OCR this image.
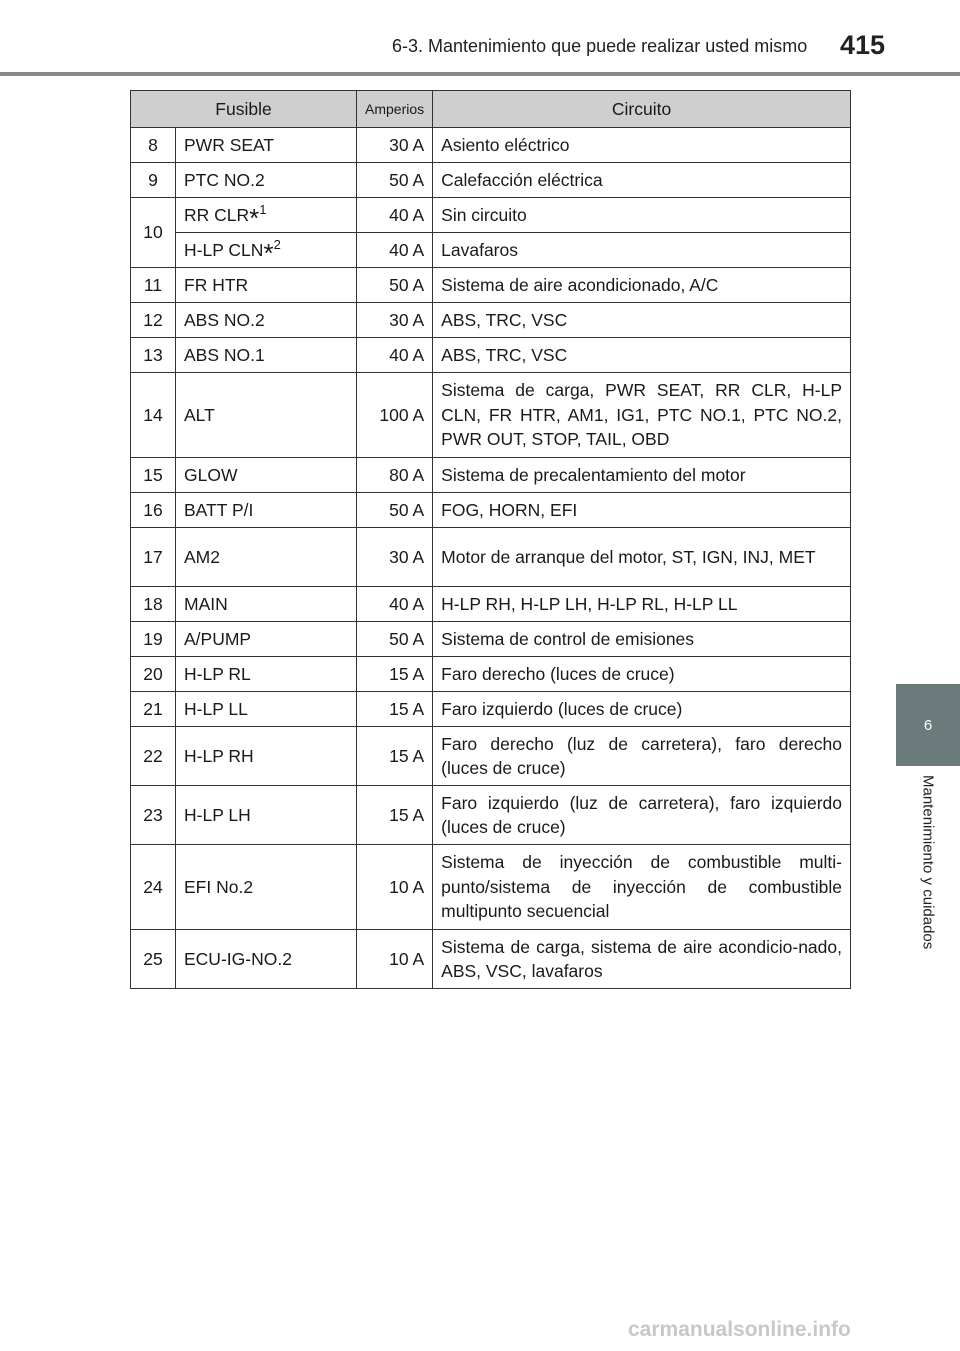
6-3. Mantenimiento que puede realizar usted mismo 415
6
Mantenimiento y cuidados
Fusible		Amperios	Circuito
8	PWR SEAT	30 A	Asiento eléctrico
9	PTC NO.2	50 A	Calefacción eléctrica
10	RR CLR*$^1$	40 A	Sin circuito
	H-LP CLN*$^2$	40 A	Lavafaros
11	FR HTR	50 A	Sistema de aire acondicionado, A/C
12	ABS NO.2	30 A	ABS, TRC, VSC
13	ABS NO.1	40 A	ABS, TRC, VSC
14	ALT	100 A	Sistema de carga, PWR SEAT, RR CLR, H-LP CLN, FR HTR, AM1, IG1, PTC NO.1, PTC NO.2, PWR OUT, STOP, TAIL, OBD
15	GLOW	80 A	Sistema de precalentamiento del motor
16	BATT P/I	50 A	FOG, HORN, EFI
17	AM2	30 A	Motor de arranque del motor, ST, IGN, INJ, MET
18	MAIN	40 A	H-LP RH, H-LP LH, H-LP RL, H-LP LL
19	A/PUMP	50 A	Sistema de control de emisiones
20	H-LP RL	15 A	Faro derecho (luces de cruce)
21	H-LP LL	15 A	Faro izquierdo (luces de cruce)
22	H-LP RH	15 A	Faro derecho (luz de carretera), faro derecho (luces de cruce)
23	H-LP LH	15 A	Faro izquierdo (luz de carretera), faro izquierdo (luces de cruce)
24	EFI No.2	10 A	Sistema de inyección de combustible multi-punto/sistema de inyección de combustible multipunto secuencial
25	ECU-IG-NO.2	10 A	Sistema de carga, sistema de aire acondicio-nado, ABS, VSC, lavafaros
carmanualsonline.info
